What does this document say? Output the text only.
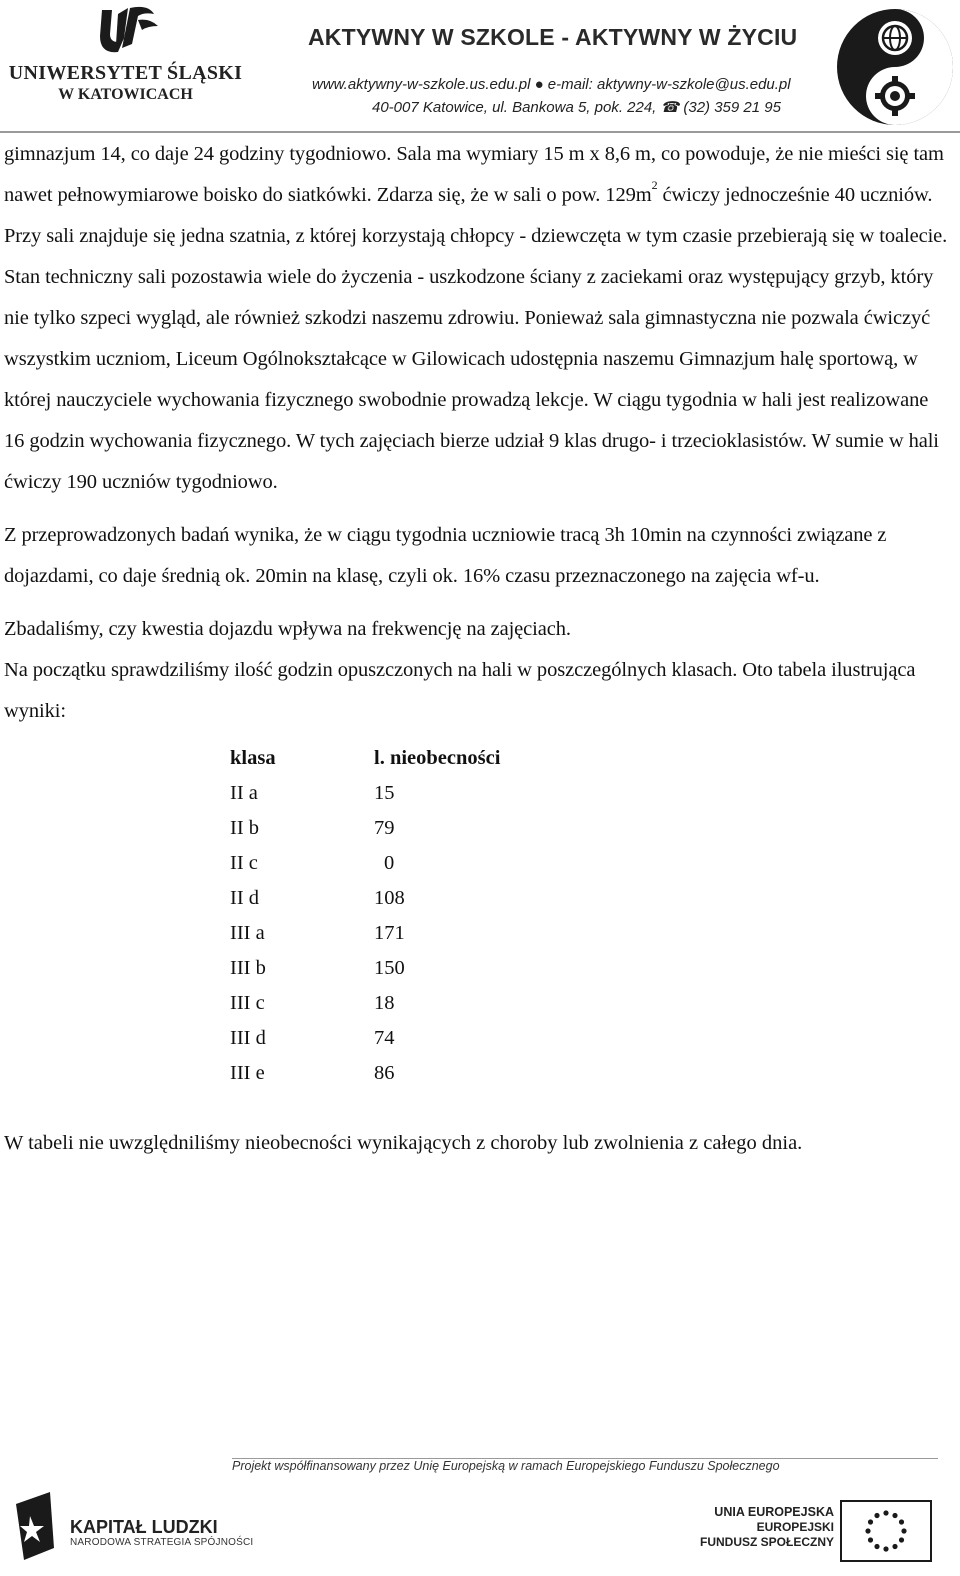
UNIWERSYTET ŚLĄSKI
W KATOWICACH
AKTYWNY W SZKOLE - AKTYWNY W ŻYCIU
www.aktywny-w-szkole.us.edu.pl ● e-mail: aktywny-w-szkole@us.edu.pl
40-007 Katowice, ul. Bankowa 5, pok. 224, ☎ (32) 359 21 95

gimnazjum 14, co daje 24 godziny tygodniowo. Sala ma wymiary 15 m x 8,6 m, co powoduje, że nie mieści się tam nawet pełnowymiarowe boisko do siatkówki. Zdarza się, że w sali o pow. $129m^2$ ćwiczy jednocześnie 40 uczniów. Przy sali znajduje się jedna szatnia, z której korzystają chłopcy - dziewczęta w tym czasie przebierają się w toalecie. Stan techniczny sali pozostawia wiele do życzenia - uszkodzone ściany z zaciekami oraz występujący grzyb, który nie tylko szpeci wygląd, ale również szkodzi naszemu zdrowiu. Ponieważ sala gimnastyczna nie pozwala ćwiczyć wszystkim uczniom, Liceum Ogólnokształcące w Gilowicach udostępnia naszemu Gimnazjum halę sportową, w której nauczyciele wychowania fizycznego swobodnie prowadzą lekcje. W ciągu tygodnia w hali jest realizowane 16 godzin wychowania fizycznego. W tych zajęciach bierze udział 9 klas drugo- i trzecioklasistów. W sumie w hali ćwiczy 190 uczniów tygodniowo.

Z przeprowadzonych badań wynika, że w ciągu tygodnia uczniowie tracą 3h 10min na czynności związane z dojazdami, co daje średnią ok. 20min na klasę, czyli ok. 16% czasu przeznaczonego na zajęcia wf-u.

Zbadaliśmy, czy kwestia dojazdu wpływa na frekwencję na zajęciach.

Na początku sprawdziliśmy ilość godzin opuszczonych na hali w poszczególnych klasach. Oto tabela ilustrująca wyniki:

klasa	l. nieobecności
II a	15
II b	79
II c	0
II d	108
III a	171
III b	150
III c	18
III d	74
III e	86

W tabeli nie uwzględniliśmy nieobecności wynikających z choroby lub zwolnienia z całego dnia.

Projekt współfinansowany przez Unię Europejską w ramach Europejskiego Funduszu Społecznego
KAPITAŁ LUDZKI
NARODOWA STRATEGIA SPÓJNOŚCI
UNIA EUROPEJSKA
EUROPEJSKI
FUNDUSZ SPOŁECZNY
